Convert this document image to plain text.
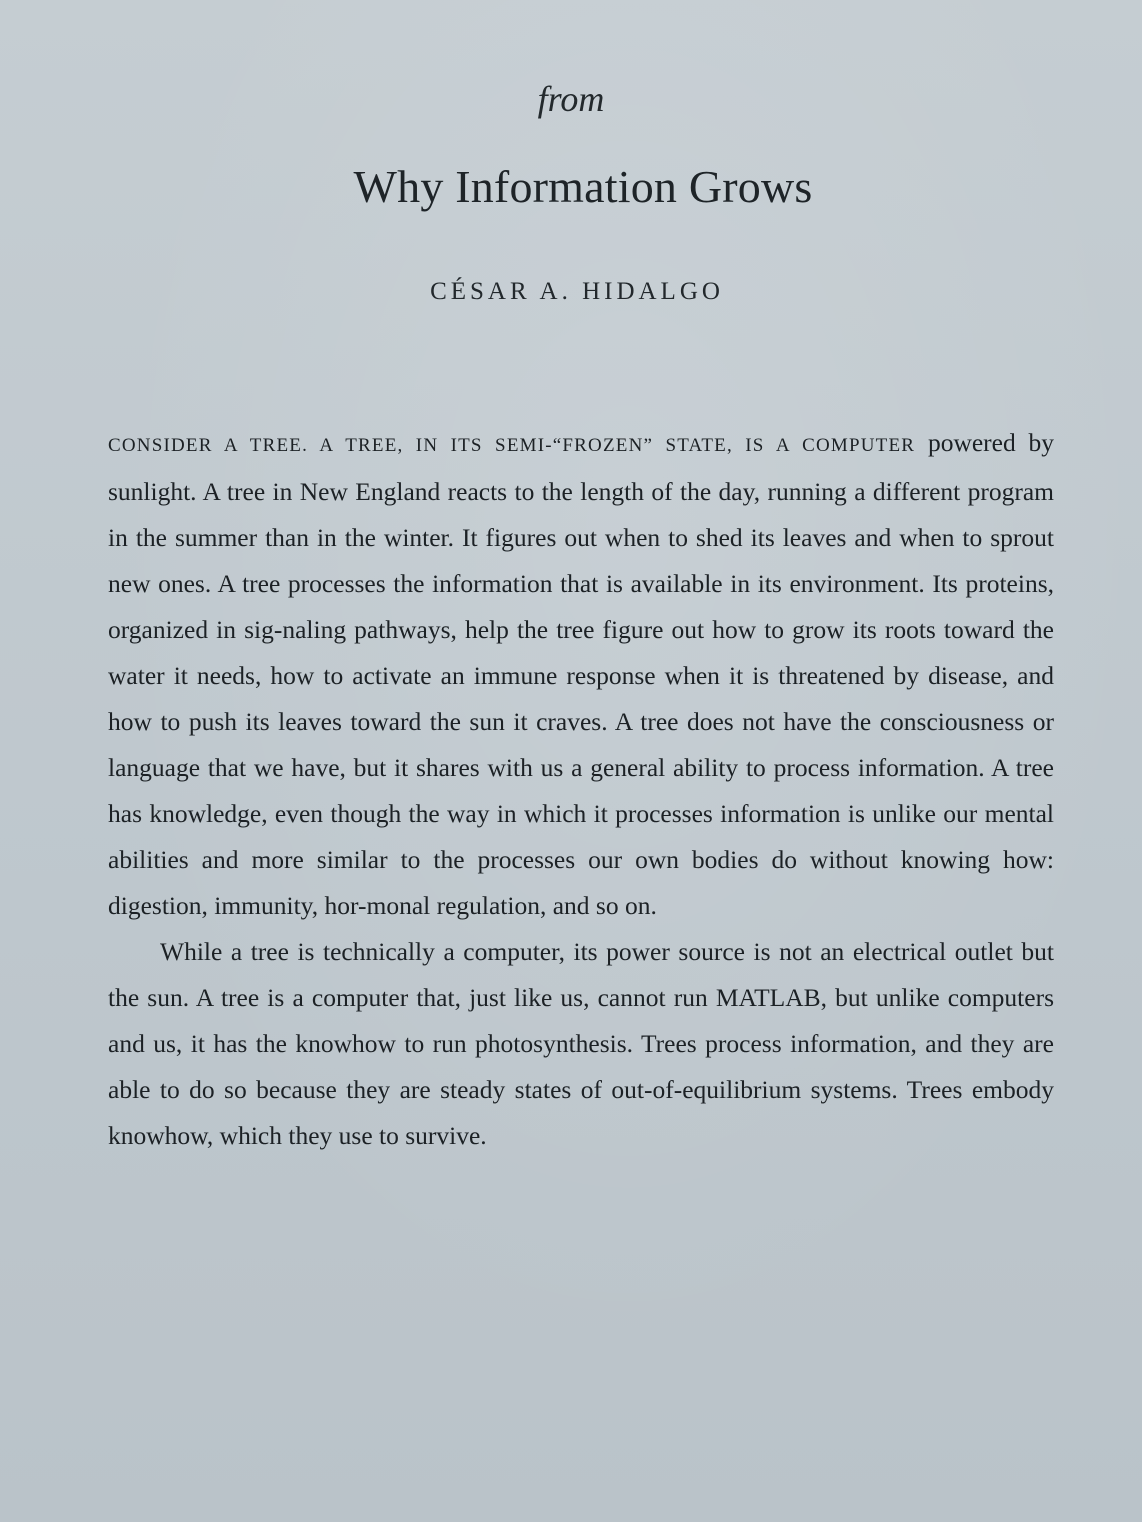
from
Why Information Grows
CÉSAR A. HIDALGO

CONSIDER A TREE. A TREE, IN ITS SEMI-“FROZEN” STATE, IS A COMPUTER powered by sunlight. A tree in New England reacts to the length of the day, running a different program in the summer than in the winter. It figures out when to shed its leaves and when to sprout new ones. A tree processes the information that is available in its environment. Its proteins, organized in sig-naling pathways, help the tree figure out how to grow its roots toward the water it needs, how to activate an immune response when it is threatened by disease, and how to push its leaves toward the sun it craves. A tree does not have the consciousness or language that we have, but it shares with us a general ability to process information. A tree has knowledge, even though the way in which it processes information is unlike our mental abilities and more similar to the processes our own bodies do without knowing how: digestion, immunity, hor-monal regulation, and so on.

While a tree is technically a computer, its power source is not an electrical outlet but the sun. A tree is a computer that, just like us, cannot run MATLAB, but unlike computers and us, it has the knowhow to run photosynthesis. Trees process information, and they are able to do so because they are steady states of out-of-equilibrium systems. Trees embody knowhow, which they use to survive.
